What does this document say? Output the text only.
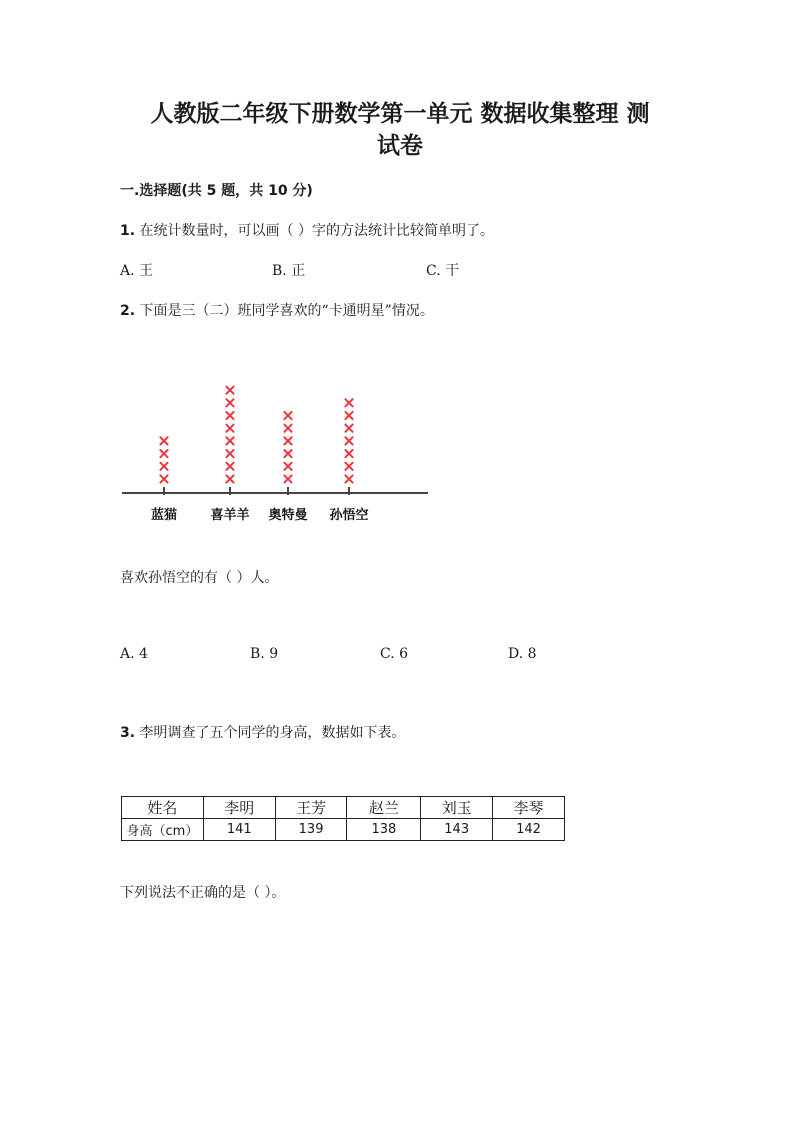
人教版二年级下册数学第一单元 数据收集整理 测
试卷
一.选择题(共 5 题，共 10 分)
1. 在统计数量时，可以画（ ）字的方法统计比较简单明了。
A. 王	B. 正	C. 干
2. 下面是三（二）班同学喜欢的“卡通明星”情况。
蓝猫	喜羊羊 奥特曼 孙悟空
喜欢孙悟空的有（ ）人。
A. 4	B. 9	C. 6	D. 8
3. 李明调查了五个同学的身高，数据如下表。
姓名	李明	王芳	赵兰	刘玉	李琴
身高（cm）	141	139	138	143	142
下列说法不正确的是（ ）。
